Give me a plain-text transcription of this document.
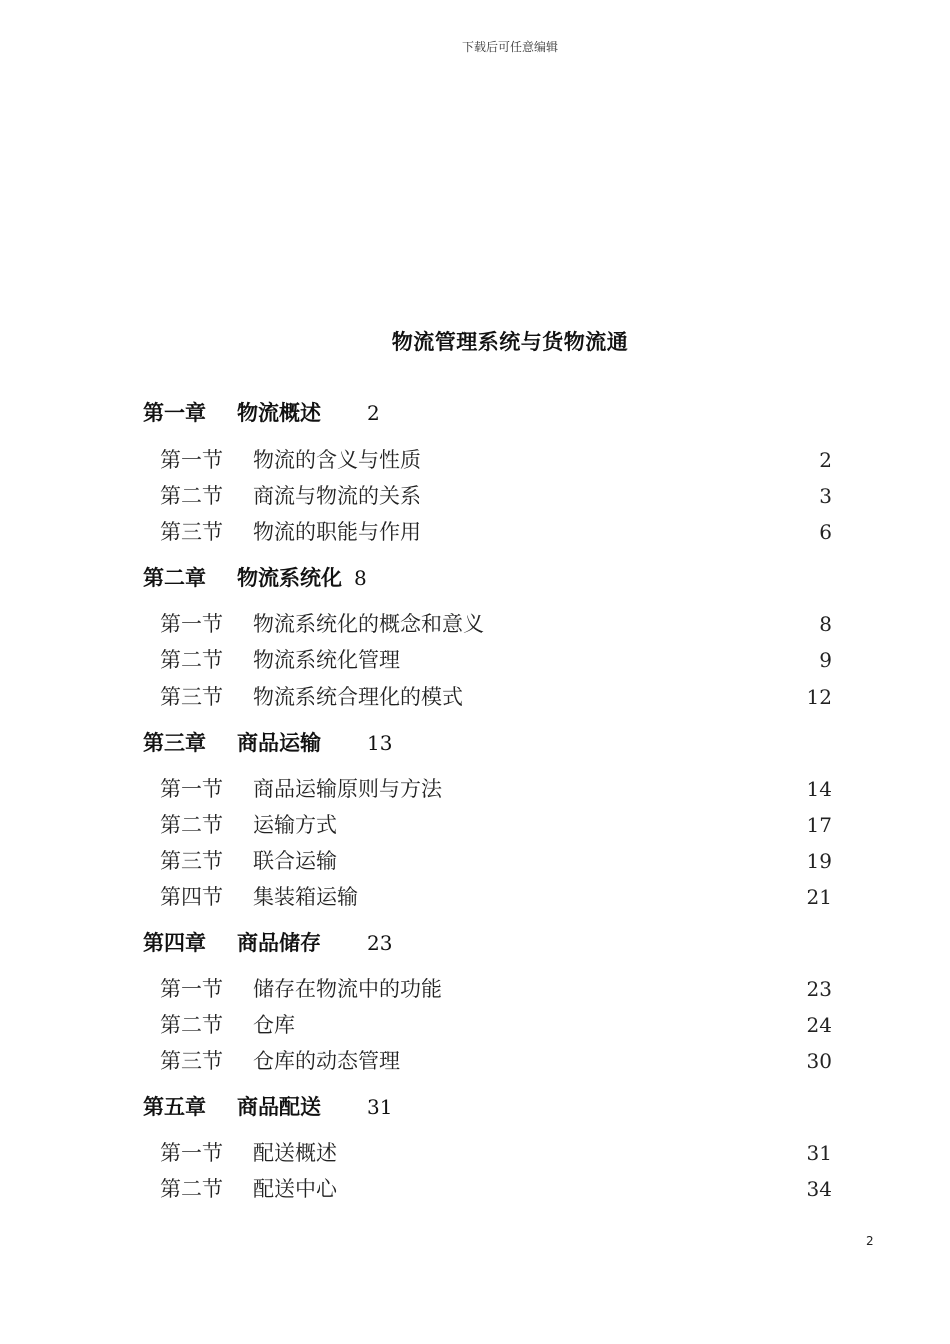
下载后可任意编辑
物流管理系统与货物流通
第一章 物流概述 2
第一节 物流的含义与性质	2
第二节 商流与物流的关系	3
第三节 物流的职能与作用	6
第二章 物流系统化 8
第一节 物流系统化的概念和意义	8
第二节 物流系统化管理	9
第三节 物流系统合理化的模式	12
第三章 商品运输 13
第一节 商品运输原则与方法	14
第二节 运输方式	17
第三节 联合运输	19
第四节 集装箱运输	21
第四章 商品储存 23
第一节 储存在物流中的功能	23
第二节 仓库	24
第三节 仓库的动态管理	30
第五章 商品配送 31
第一节 配送概述	31
第二节 配送中心	34
2
